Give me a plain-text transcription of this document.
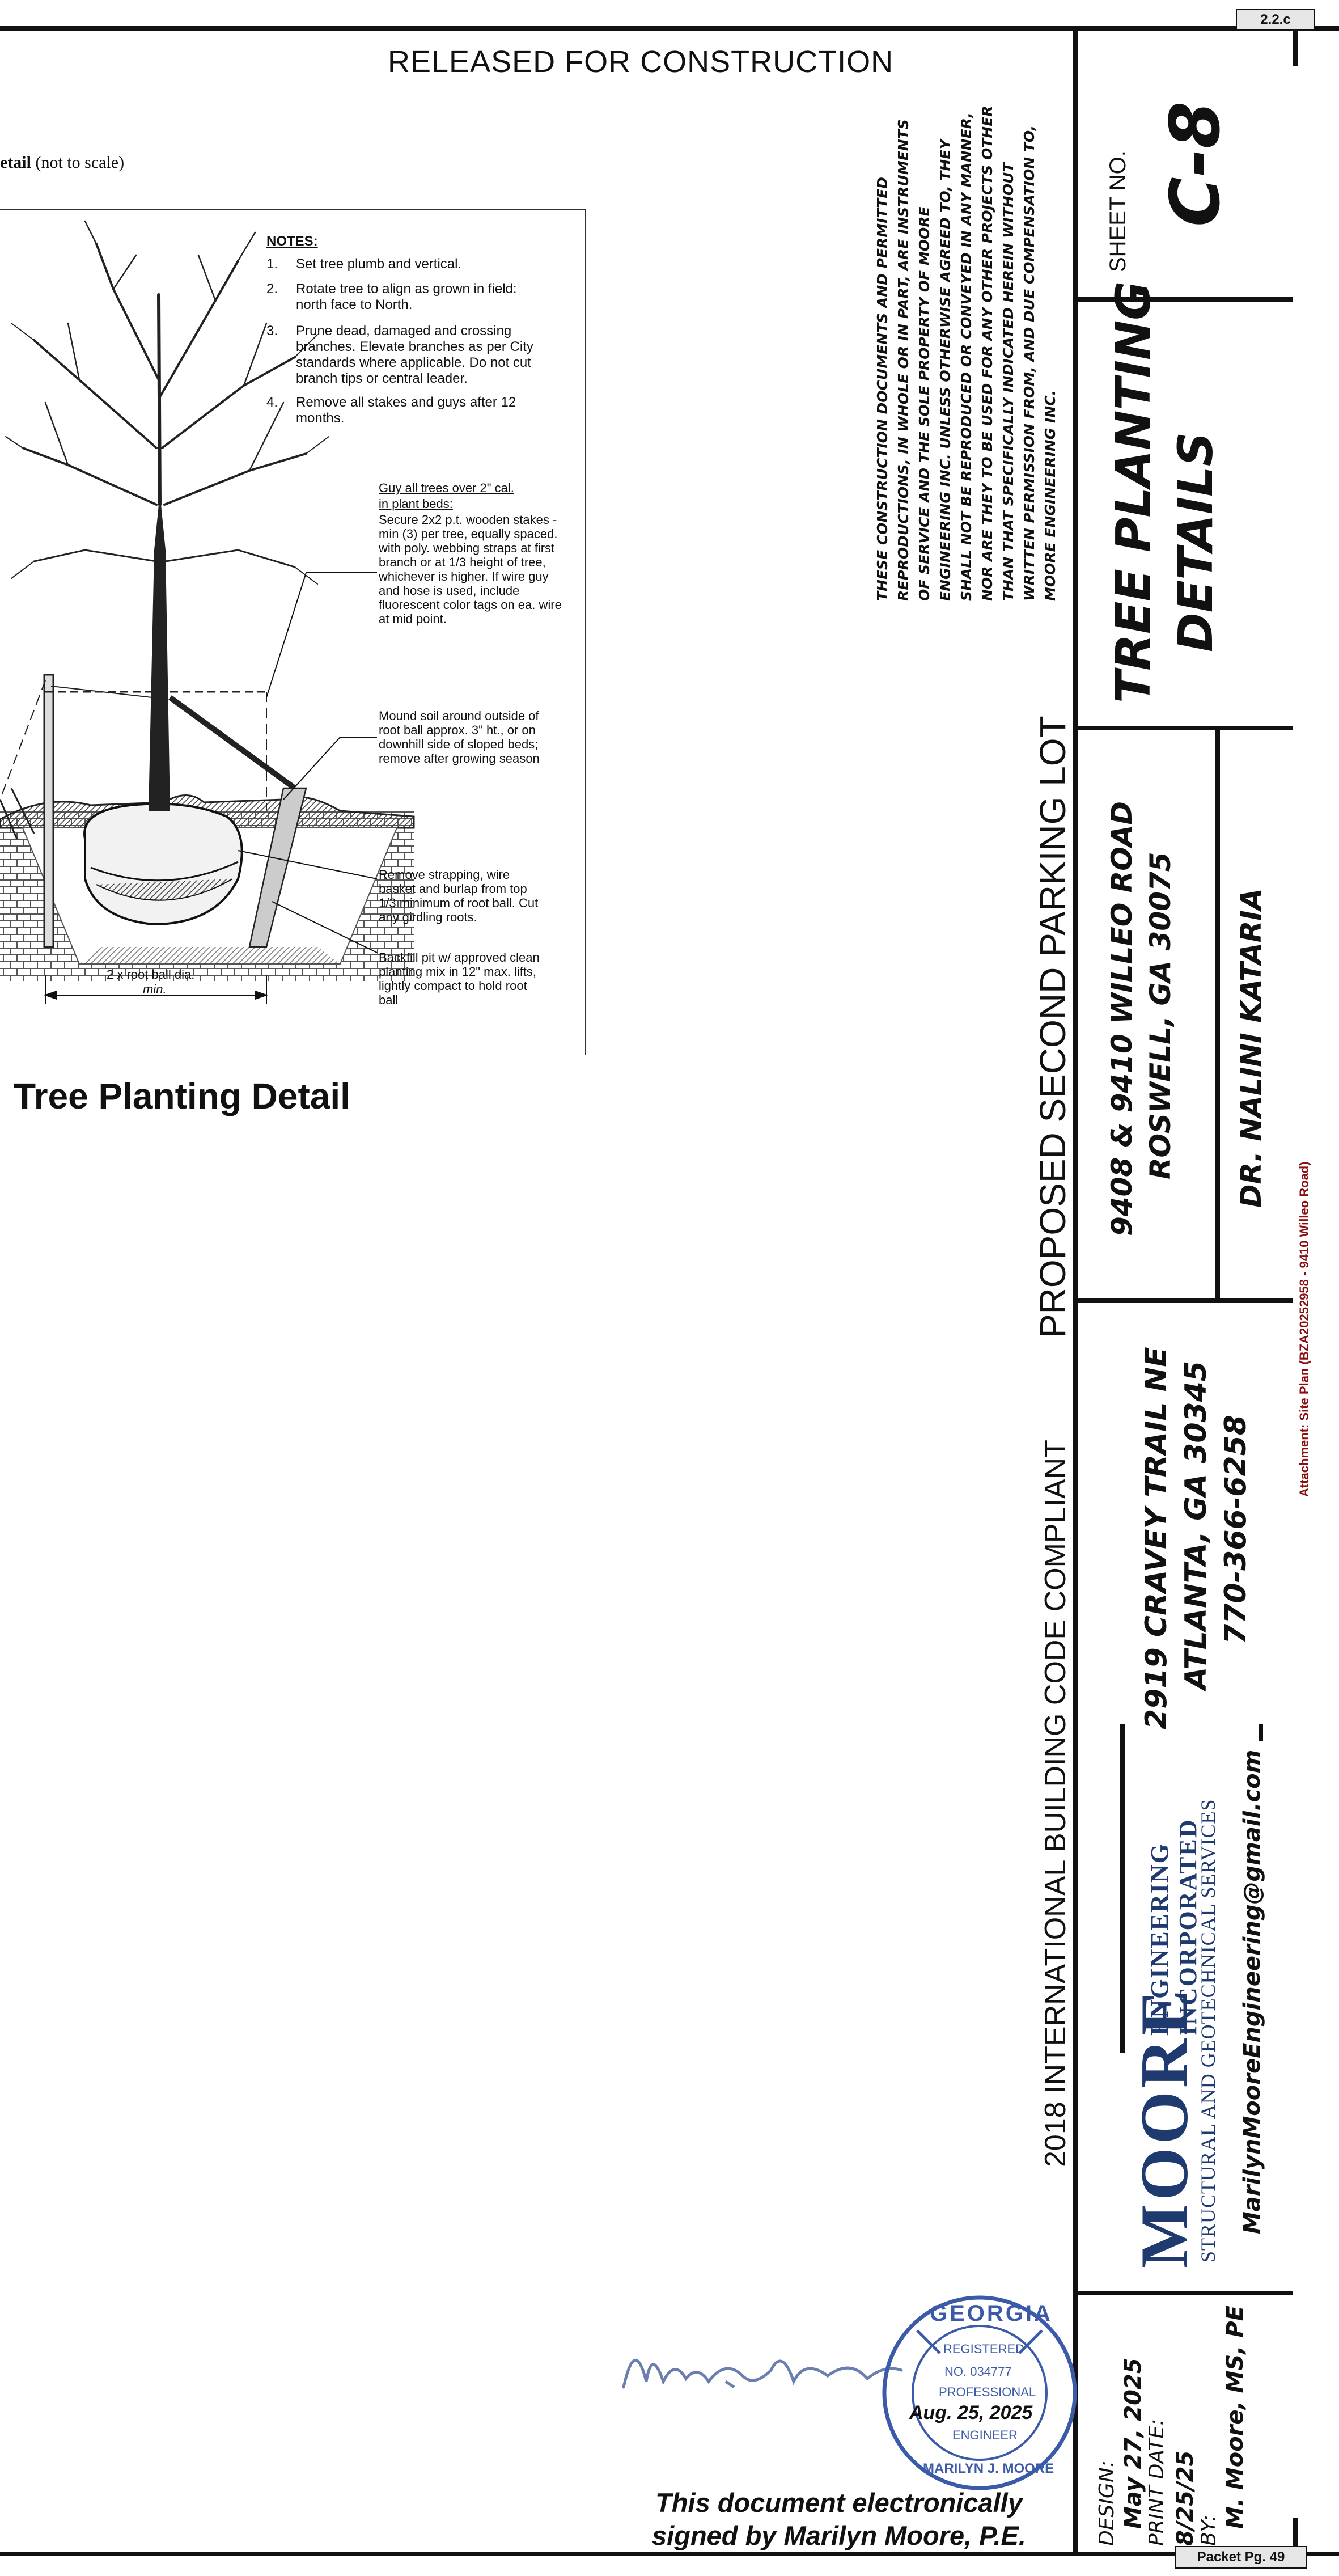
2.2.c
Packet Pg. 49
RELEASED FOR CONSTRUCTION
etail (not to scale)
2 x root ball dia.
min.
NOTES:
1. Set tree plumb and vertical.
2. Rotate tree to align as grown in field: north face to North.
3. Prune dead, damaged and crossing branches. Elevate branches as per City standards where applicable. Do not cut branch tips or central leader.
4. Remove all stakes and guys after 12 months.
Guy all trees over 2" cal.
in plant beds:
Secure 2x2 p.t. wooden stakes - min (3) per tree, equally spaced. with poly. webbing straps at first branch or at 1/3 height of tree, whichever is higher. If wire guy and hose is used, include fluorescent color tags on ea. wire at mid point.
Mound soil around outside of root ball approx. 3" ht., or on downhill side of sloped beds; remove after growing season
Remove strapping, wire basket and burlap from top 1/3 minimum of root ball. Cut any girdling roots.
Backfill pit w/ approved clean planting mix in 12" max. lifts, lightly compact to hold root ball
Tree Planting Detail
2018 INTERNATIONAL BUILDING CODE COMPLIANT
PROPOSED SECOND PARKING LOT
THESE CONSTRUCTION DOCUMENTS AND PERMITTED REPRODUCTIONS, IN WHOLE OR IN PART, ARE INSTRUMENTS OF SERVICE AND THE SOLE PROPERTY OF MOORE ENGINEERING INC. UNLESS OTHERWISE AGREED TO, THEY SHALL NOT BE REPRODUCED OR CONVEYED IN ANY MANNER, NOR ARE THEY TO BE USED FOR ANY OTHER PROJECTS OTHER THAN THAT SPECIFICALLY INDICATED HEREIN WITHOUT WRITTEN PERMISSION FROM, AND DUE COMPENSATION TO, MOORE ENGINEERING INC.
GEORGIA
REGISTERED
NO. 034777
PROFESSIONAL
ENGINEER
MARILYN J. MOORE
Aug. 25, 2025
This document electronically
signed by Marilyn Moore, P.E.
SHEET NO. C-8
TREE PLANTING DETAILS
9408 & 9410 WILLEO ROAD ROSWELL, GA 30075 DR. NALINI KATARIA
2919 CRAVEY TRAIL NE ATLANTA, GA 30345 770-366-6258
MOORE
ENGINEERING INCORPORATED
STRUCTURAL AND GEOTECHNICAL SERVICES MarilynMooreEngineering@gmail.com
DESIGN: May 27, 2025
PRINT DATE: 8/25/25
BY:
M. Moore, MS, PE
Attachment: Site Plan (BZA20252958 - 9410 Willeo Road)
